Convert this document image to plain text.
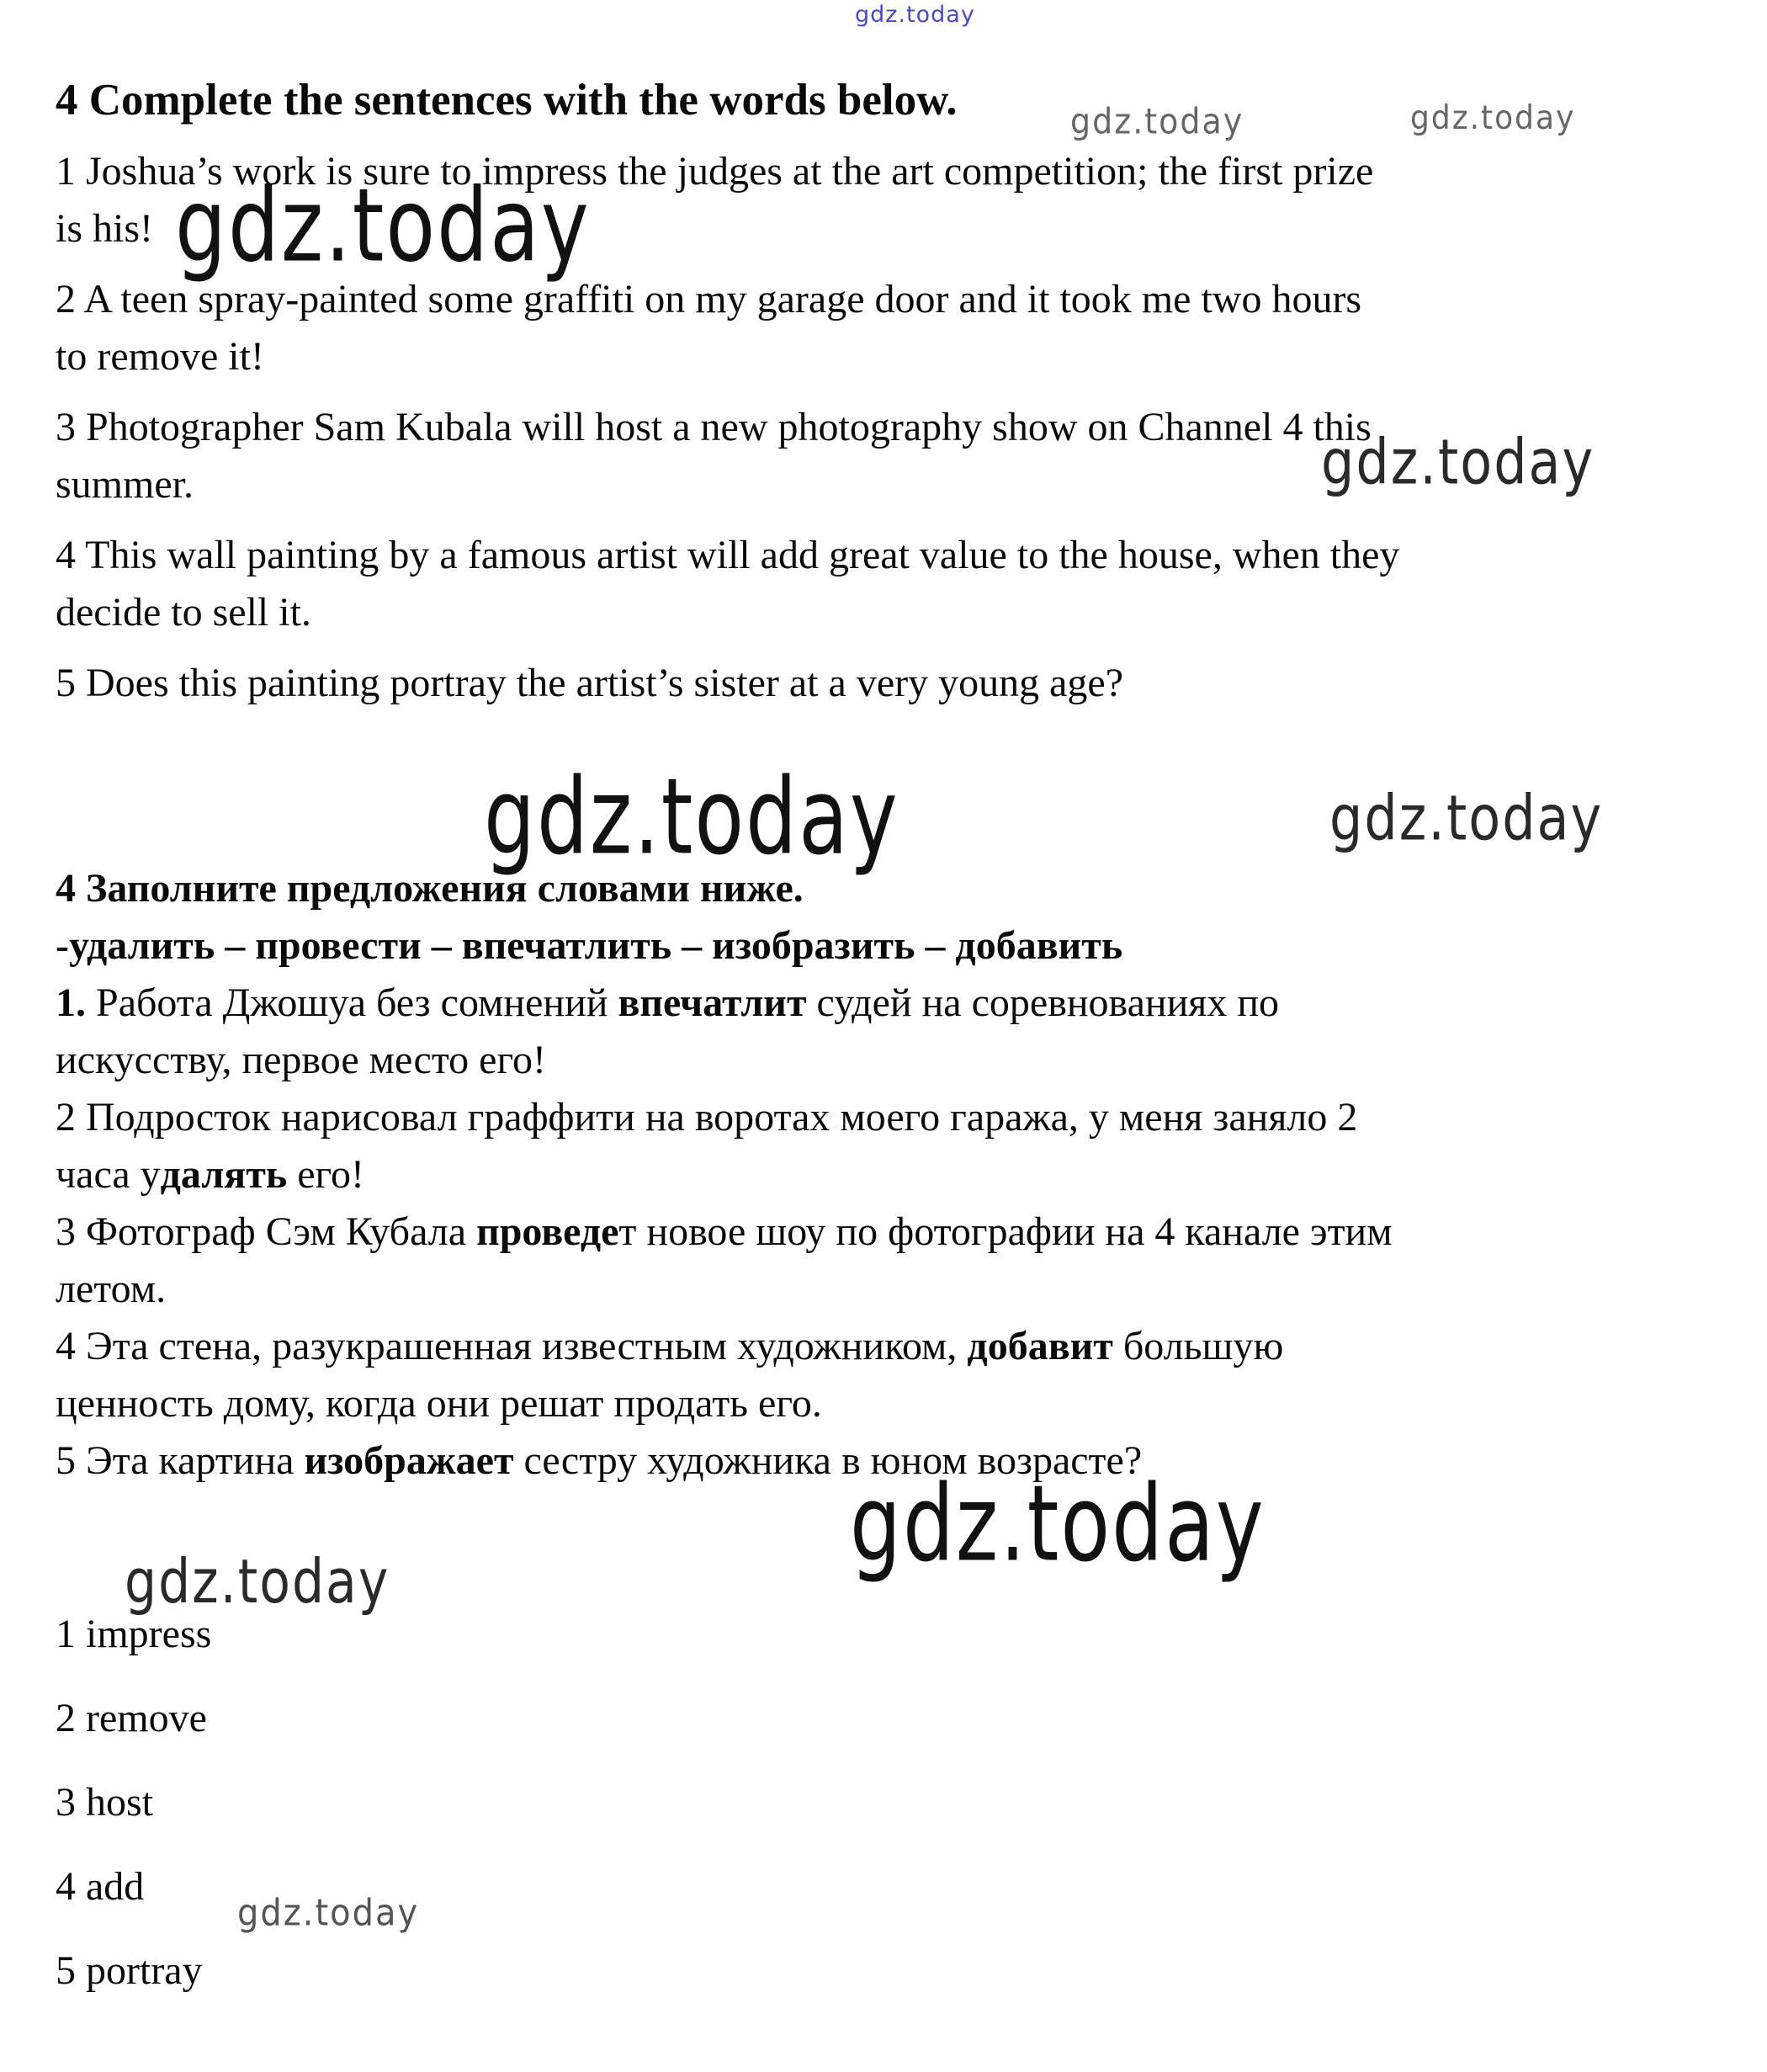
gdz.today
gdz.today	gdz.today
gdz.today
gdz.today
gdz.today	gdz.today
gdz.today
gdz.today
gdz.today
4 Complete the sentences with the words below.
1 Joshua’s work is sure to impress the judges at the art competition; the first prize
is his!
2 A teen spray-painted some graffiti on my garage door and it took me two hours
to remove it!
3 Photographer Sam Kubala will host a new photography show on Channel 4 this
summer.
4 This wall painting by a famous artist will add great value to the house, when they
decide to sell it.
5 Does this painting portray the artist’s sister at a very young age?
4 Заполните предложения словами ниже.
-удалить – провести – впечатлить – изобразить – добавить
1. Работа Джошуа без сомнений впечатлит судей на соревнованиях по
искусству, первое место его!
2 Подросток нарисовал граффити на воротах моего гаража, у меня заняло 2
часа удалять его!
3 Фотограф Сэм Кубала проведет новое шоу по фотографии на 4 канале этим
летом.
4 Эта стена, разукрашенная известным художником, добавит большую
ценность дому, когда они решат продать его.
5 Эта картина изображает сестру художника в юном возрасте?
1 impress
2 remove
3 host
4 add
5 portray
